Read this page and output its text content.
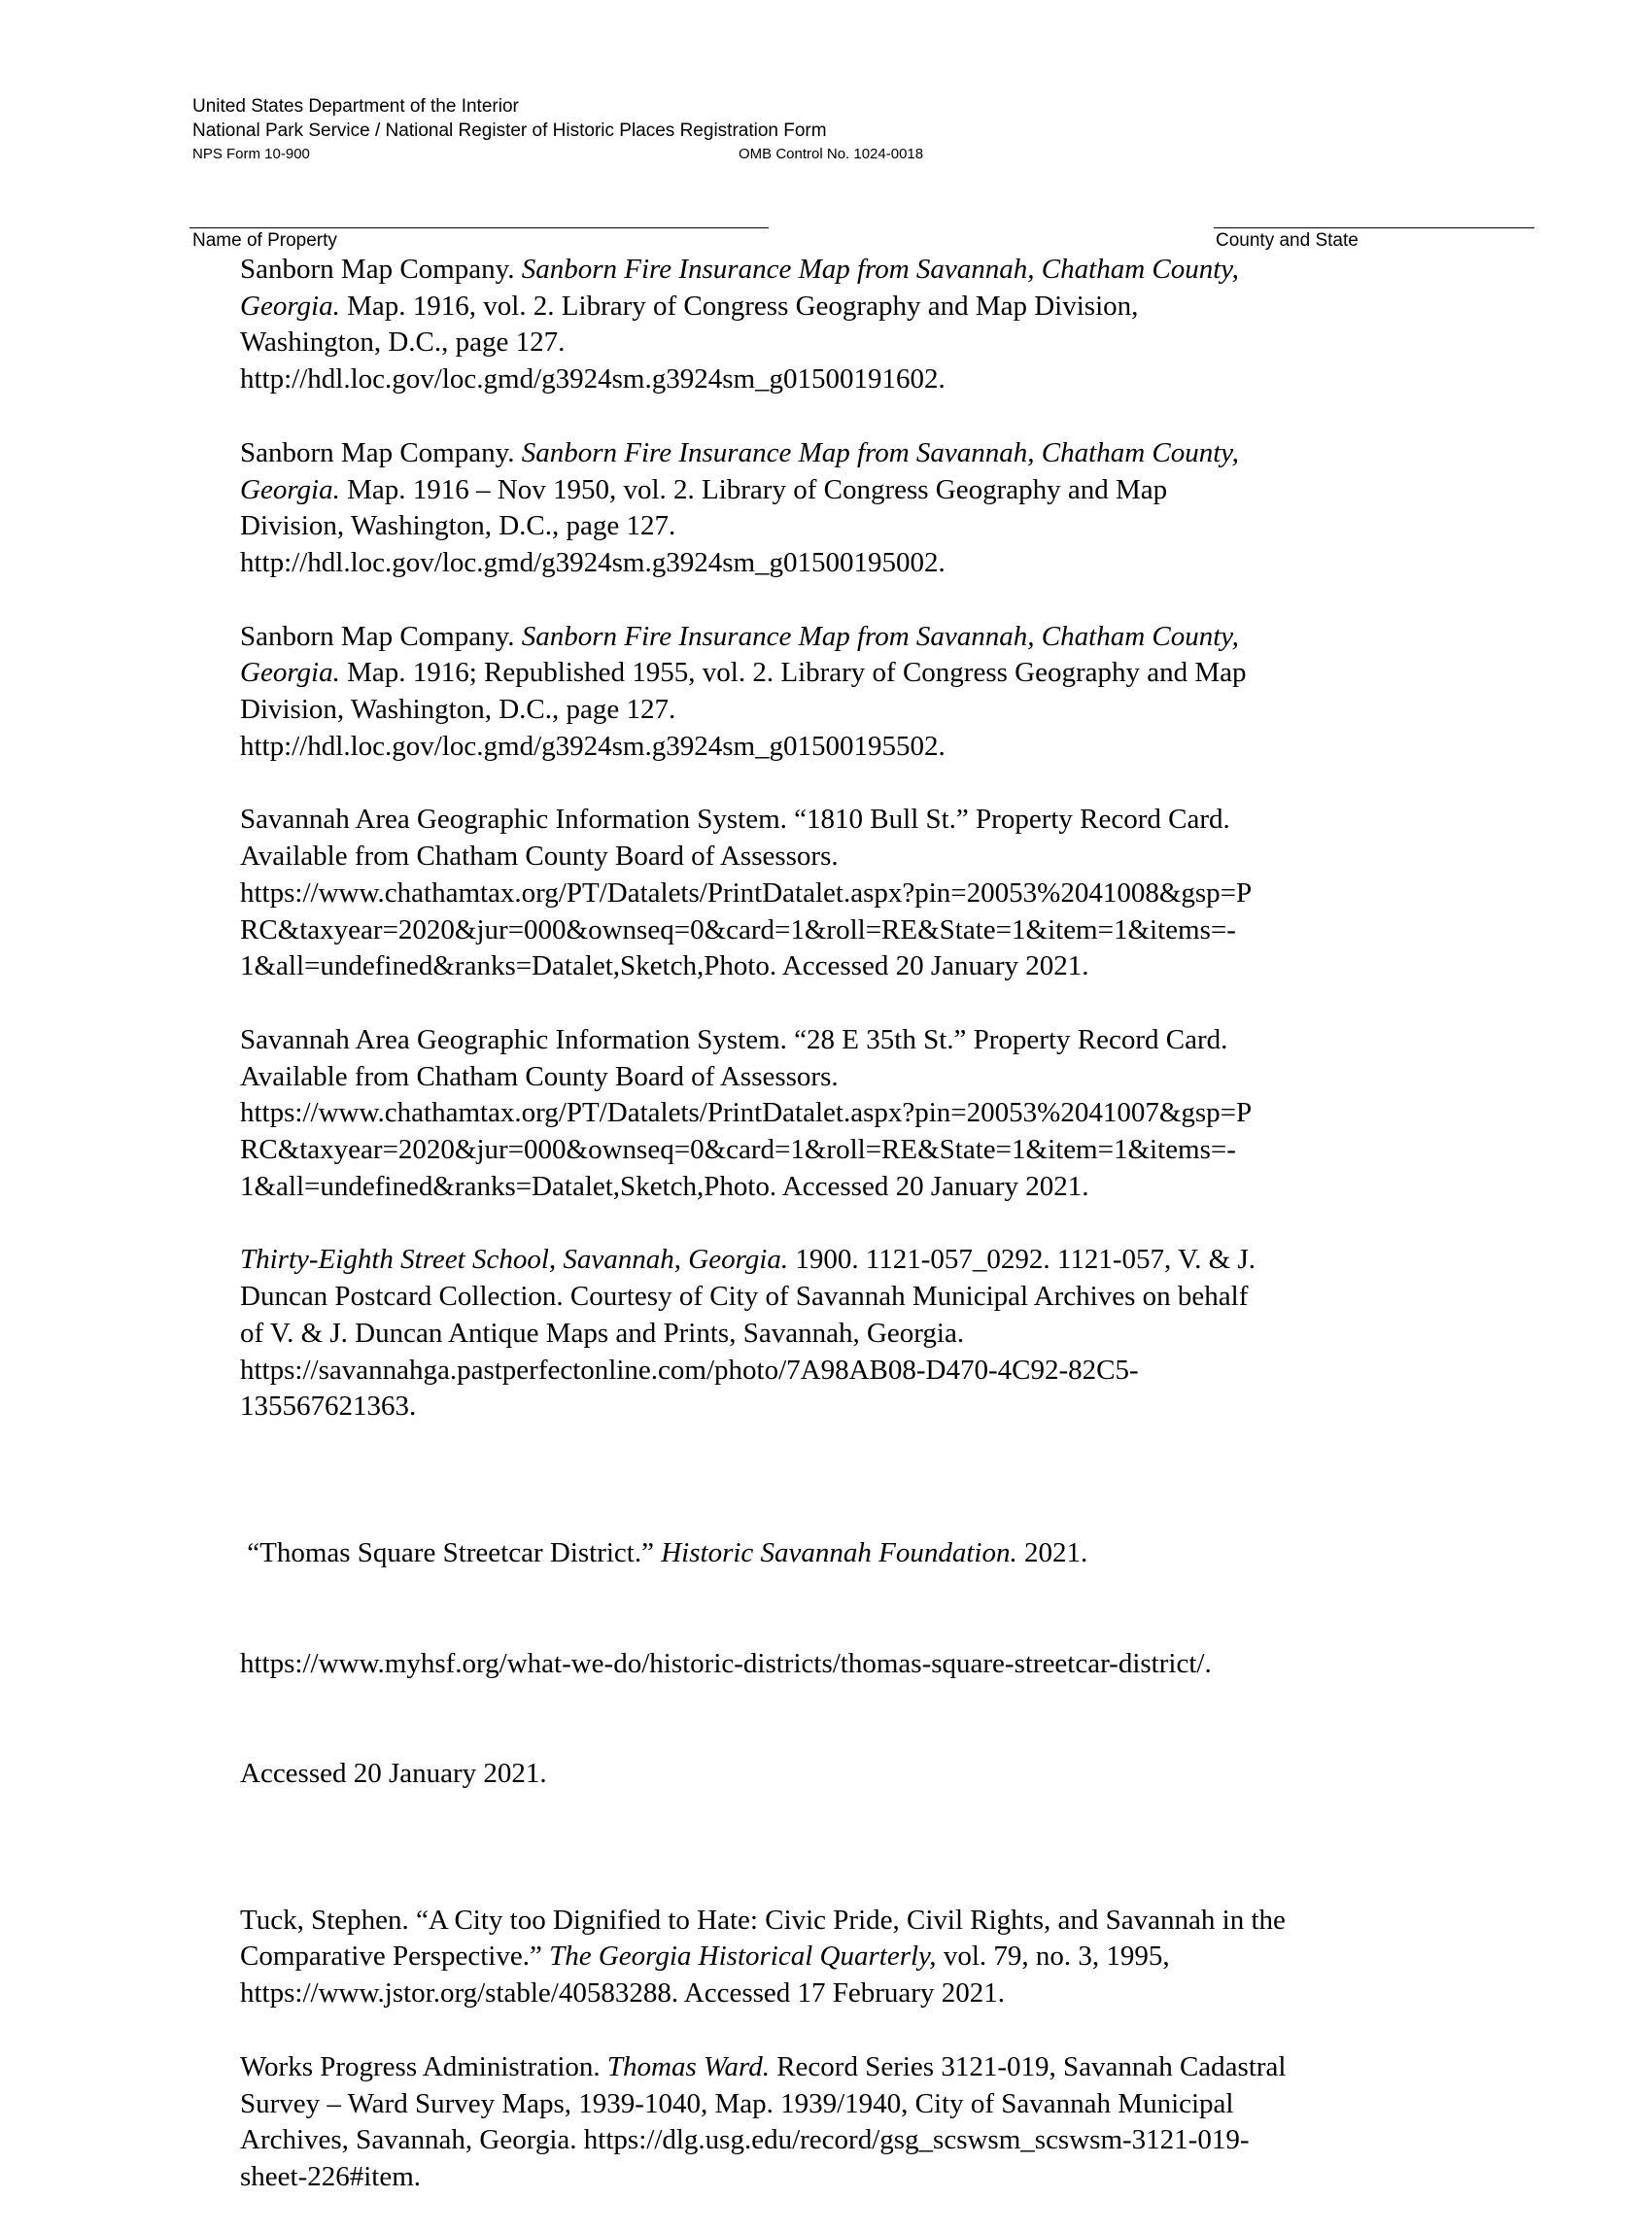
United States Department of the Interior
National Park Service / National Register of Historic Places Registration Form
NPS Form 10-900	OMB Control No. 1024-0018
Name of Property	County and State
Sanborn Map Company. Sanborn Fire Insurance Map from Savannah, Chatham County,
Georgia. Map. 1916, vol. 2. Library of Congress Geography and Map Division,
Washington, D.C., page 127.
http://hdl.loc.gov/loc.gmd/g3924sm.g3924sm_g01500191602.
Sanborn Map Company. Sanborn Fire Insurance Map from Savannah, Chatham County,
Georgia. Map. 1916 – Nov 1950, vol. 2. Library of Congress Geography and Map
Division, Washington, D.C., page 127.
http://hdl.loc.gov/loc.gmd/g3924sm.g3924sm_g01500195002.
Sanborn Map Company. Sanborn Fire Insurance Map from Savannah, Chatham County,
Georgia. Map. 1916; Republished 1955, vol. 2. Library of Congress Geography and Map
Division, Washington, D.C., page 127.
http://hdl.loc.gov/loc.gmd/g3924sm.g3924sm_g01500195502.
Savannah Area Geographic Information System. “1810 Bull St.” Property Record Card.
Available from Chatham County Board of Assessors.
https://www.chathamtax.org/PT/Datalets/PrintDatalet.aspx?pin=20053%2041008&gsp=P
RC&taxyear=2020&jur=000&ownseq=0&card=1&roll=RE&State=1&item=1&items=-
1&all=undefined&ranks=Datalet,Sketch,Photo. Accessed 20 January 2021.
Savannah Area Geographic Information System. “28 E 35th St.” Property Record Card.
Available from Chatham County Board of Assessors.
https://www.chathamtax.org/PT/Datalets/PrintDatalet.aspx?pin=20053%2041007&gsp=P
RC&taxyear=2020&jur=000&ownseq=0&card=1&roll=RE&State=1&item=1&items=-
1&all=undefined&ranks=Datalet,Sketch,Photo. Accessed 20 January 2021.
Thirty-Eighth Street School, Savannah, Georgia. 1900. 1121-057_0292. 1121-057, V. & J.
Duncan Postcard Collection. Courtesy of City of Savannah Municipal Archives on behalf
of V. & J. Duncan Antique Maps and Prints, Savannah, Georgia.
https://savannahga.pastperfectonline.com/photo/7A98AB08-D470-4C92-82C5-
135567621363.

“Thomas Square Streetcar District.” Historic Savannah Foundation. 2021.

https://www.myhsf.org/what-we-do/historic-districts/thomas-square-streetcar-district/.

Accessed 20 January 2021.

Tuck, Stephen. “A City too Dignified to Hate: Civic Pride, Civil Rights, and Savannah in the
Comparative Perspective.” The Georgia Historical Quarterly, vol. 79, no. 3, 1995,
https://www.jstor.org/stable/40583288. Accessed 17 February 2021.
Works Progress Administration. Thomas Ward. Record Series 3121-019, Savannah Cadastral
Survey – Ward Survey Maps, 1939-1040, Map. 1939/1940, City of Savannah Municipal
Archives, Savannah, Georgia. https://dlg.usg.edu/record/gsg_scswsm_scswsm-3121-019-
sheet-226#item.
